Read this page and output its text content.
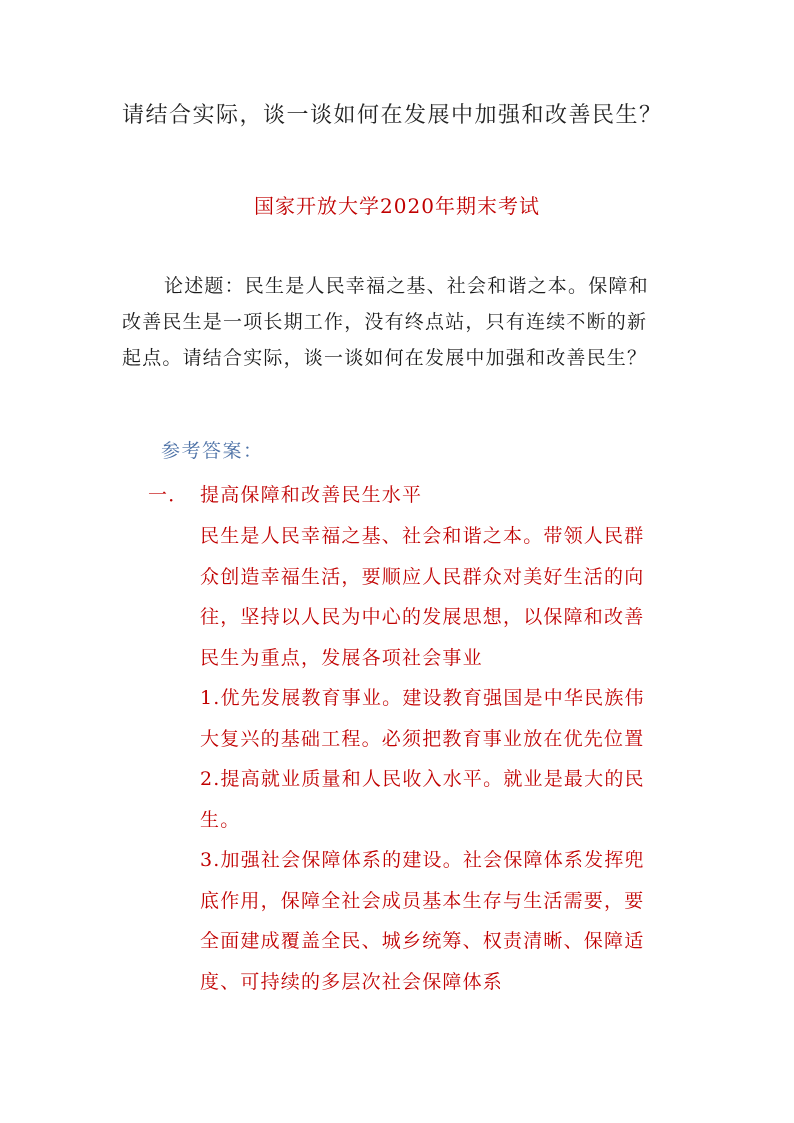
请结合实际，谈一谈如何在发展中加强和改善民生？
国家开放大学2020年期末考试
论述题：民生是人民幸福之基、社会和谐之本。保障和
改善民生是一项长期工作，没有终点站，只有连续不断的新
起点。请结合实际，谈一谈如何在发展中加强和改善民生？
参考答案：
一． 提高保障和改善民生水平
民生是人民幸福之基、社会和谐之本。带领人民群
众创造幸福生活，要顺应人民群众对美好生活的向
往，坚持以人民为中心的发展思想，以保障和改善
民生为重点，发展各项社会事业
1.优先发展教育事业。建设教育强国是中华民族伟
大复兴的基础工程。必须把教育事业放在优先位置
2.提高就业质量和人民收入水平。就业是最大的民
生。
3.加强社会保障体系的建设。社会保障体系发挥兜
底作用，保障全社会成员基本生存与生活需要，要
全面建成覆盖全民、城乡统筹、权责清晰、保障适
度、可持续的多层次社会保障体系
